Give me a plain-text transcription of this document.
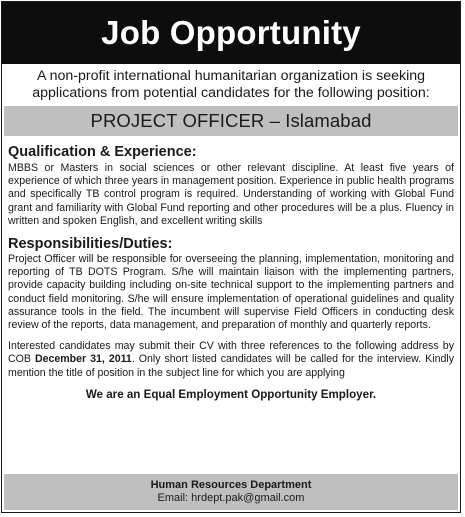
Job Opportunity
A non-profit international humanitarian organization is seeking applications from potential candidates for the following position:
PROJECT OFFICER – Islamabad
Qualification & Experience:
MBBS or Masters in social sciences or other relevant discipline. At least five years of experience of which three years in management position. Experience in public health programs and specifically TB control program is required. Understanding of working with Global Fund grant and familiarity with Global Fund reporting and other procedures will be a plus. Fluency in written and spoken English, and excellent writing skills
Responsibilities/Duties:
Project Officer will be responsible for overseeing the planning, implementation, monitoring and reporting of TB DOTS Program. S/he will maintain liaison with the implementing partners, provide capacity building including on-site technical support to the implementing partners and conduct field monitoring. S/he will ensure implementation of operational guidelines and quality assurance tools in the field. The incumbent will supervise Field Officers in conducting desk review of the reports, data management, and preparation of monthly and quarterly reports.
Interested candidates may submit their CV with three references to the following address by COB December 31, 2011. Only short listed candidates will be called for the interview. Kindly mention the title of position in the subject line for which you are applying
We are an Equal Employment Opportunity Employer.
Human Resources Department
Email: hrdept.pak@gmail.com
